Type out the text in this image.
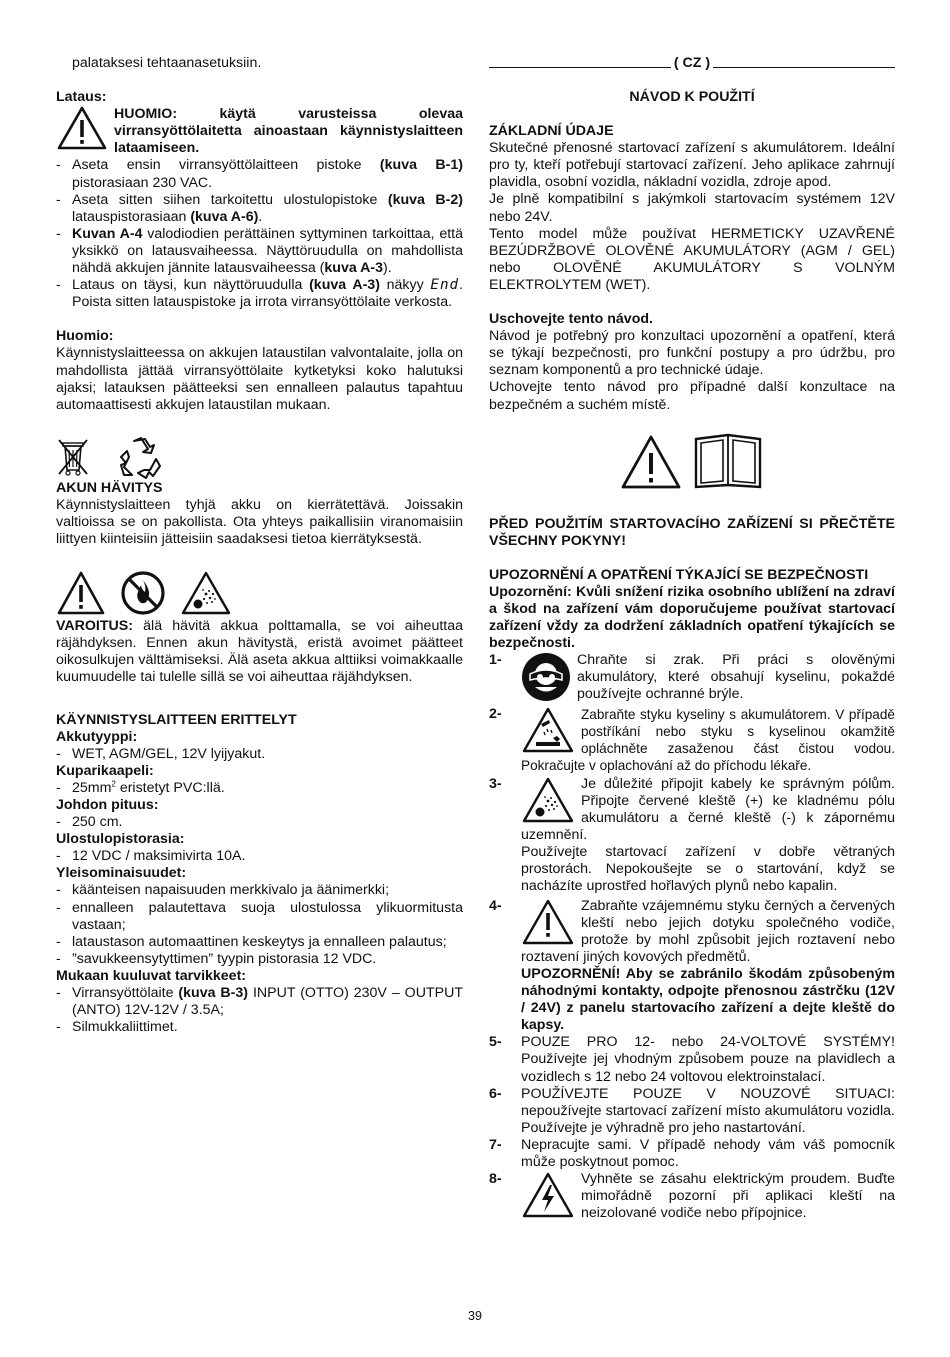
palataksesi tehtaanasetuksiin.

Lataus:

HUOMIO: käytä varusteissa olevaa virransyöttölaitetta ainoastaan käynnistyslaitteen lataamiseen.

- Aseta ensin virransyöttölaitteen pistoke (kuva B-1) pistorasiaan 230 VAC.
- Aseta sitten siihen tarkoitettu ulostulopistoke (kuva B-2) latauspistorasiaan (kuva A-6).
- Kuvan A-4 valodiodien perättäinen syttyminen tarkoittaa, että yksikkö on latausvaiheessa. Näyttöruudulla on mahdollista nähdä akkujen jännite latausvaiheessa (kuva A-3).
- Lataus on täysi, kun näyttöruudulla (kuva A-3) näkyy End. Poista sitten latauspistoke ja irrota virransyöttölaite verkosta.

Huomio:

Käynnistyslaitteessa on akkujen lataustilan valvontalaite, jolla on mahdollista jättää virransyöttölaite kytketyksi koko halutuksi ajaksi; latauksen päätteeksi sen ennalleen palautus tapahtuu automaattisesti akkujen lataustilan mukaan.

AKUN HÄVITYS

Käynnistyslaitteen tyhjä akku on kierrätettävä. Joissakin valtioissa se on pakollista. Ota yhteys paikallisiin viranomaisiin liittyen kiinteisiin jätteisiin saadaksesi tietoa kierrätyksestä.

VAROITUS: älä hävitä akkua polttamalla, se voi aiheuttaa räjähdyksen. Ennen akun hävitystä, eristä avoimet päätteet oikosulkujen välttämiseksi. Älä aseta akkua alttiiksi voimakkaalle kuumuudelle tai tulelle sillä se voi aiheuttaa räjähdyksen.

KÄYNNISTYSLAITTEEN ERITTELYT

Akkutyyppi:

- WET, AGM/GEL, 12V lyijyakut.

Kuparikaapeli:

- $25mm^2$ eristetyt PVC:llä.

Johdon pituus:

- 250 cm.

Ulostulopistorasia:

- 12 VDC / maksimivirta 10A.

Yleisominaisuudet:

- käänteisen napaisuuden merkkivalo ja äänimerkki;
- ennalleen palautettava suoja ulostulossa ylikuormitusta vastaan;
- lataustason automaattinen keskeytys ja ennalleen palautus;
- ”savukkeensytyttimen” tyypin pistorasia 12 VDC.

Mukaan kuuluvat tarvikkeet:

- Virransyöttölaite (kuva B-3) INPUT (OTTO) 230V – OUTPUT (ANTO) 12V-12V / 3.5A;
- Silmukkaliittimet.
( CZ )

NÁVOD K POUŽITÍ

ZÁKLADNÍ ÚDAJE

Skutečné přenosné startovací zařízení s akumulátorem. Ideální pro ty, kteří potřebují startovací zařízení. Jeho aplikace zahrnují plavidla, osobní vozidla, nákladní vozidla, zdroje apod.

Je plně kompatibilní s jakýmkoli startovacím systémem 12V nebo 24V.

Tento model může používat HERMETICKY UZAVŘENÉ BEZÚDRŽBOVÉ OLOVĚNÉ AKUMULÁTORY (AGM / GEL) nebo OLOVĚNÉ AKUMULÁTORY S VOLNÝM ELEKTROLYTEM (WET).

Uschovejte tento návod.

Návod je potřebný pro konzultaci upozornění a opatření, která se týkají bezpečnosti, pro funkční postupy a pro údržbu, pro seznam komponentů a pro technické údaje.

Uchovejte tento návod pro případné další konzultace na bezpečném a suchém místě.

PŘED POUŽITÍM STARTOVACÍHO ZAŘÍZENÍ SI PŘEČTĚTE VŠECHNY POKYNY!

UPOZORNĚNÍ A OPATŘENÍ TÝKAJÍCÍ SE BEZPEČNOSTI

Upozornění: Kvůli snížení rizika osobního ublížení na zdraví a škod na zařízení vám doporučujeme používat startovací zařízení vždy za dodržení základních opatření týkajících se bezpečnosti.

1-	Chraňte si zrak. Při práci s olověnými akumulátory, které obsahují kyselinu, pokaždé používejte ochranné brýle.

2-	Zabraňte styku kyseliny s akumulátorem. V případě postříkání nebo styku s kyselinou okamžitě opláchněte zasaženou část čistou vodou. Pokračujte v oplachování až do příchodu lékaře.

3-	Je důležité připojit kabely ke správným pólům. Připojte červené kleště (+) ke kladnému pólu akumulátoru a černé kleště (-) k zápornému uzemnění.

Používejte startovací zařízení v dobře větraných prostorách. Nepokoušejte se o startování, když se nacházíte uprostřed hořlavých plynů nebo kapalin.

4-	Zabraňte vzájemnému styku černých a červených kleští nebo jejich dotyku společného vodiče, protože by mohl způsobit jejich roztavení nebo roztavení jiných kovových předmětů.

UPOZORNĚNÍ! Aby se zabránilo škodám způsobeným náhodnými kontakty, odpojte přenosnou zástrčku (12V / 24V) z panelu startovacího zařízení a dejte kleště do kapsy.

5-	POUZE PRO 12- nebo 24-VOLTOVÉ SYSTÉMY! Používejte jej vhodným způsobem pouze na plavidlech a vozidlech s 12 nebo 24 voltovou elektroinstalací.

6-	POUŽÍVEJTE POUZE V NOUZOVÉ SITUACI: nepoužívejte startovací zařízení místo akumulátoru vozidla. Používejte je výhradně pro jeho nastartování.

7-	Nepracujte sami. V případě nehody vám váš pomocník může poskytnout pomoc.

8-	Vyhněte se zásahu elektrickým proudem. Buďte mimořádně pozorní při aplikaci kleští na neizolované vodiče nebo přípojnice.

39
